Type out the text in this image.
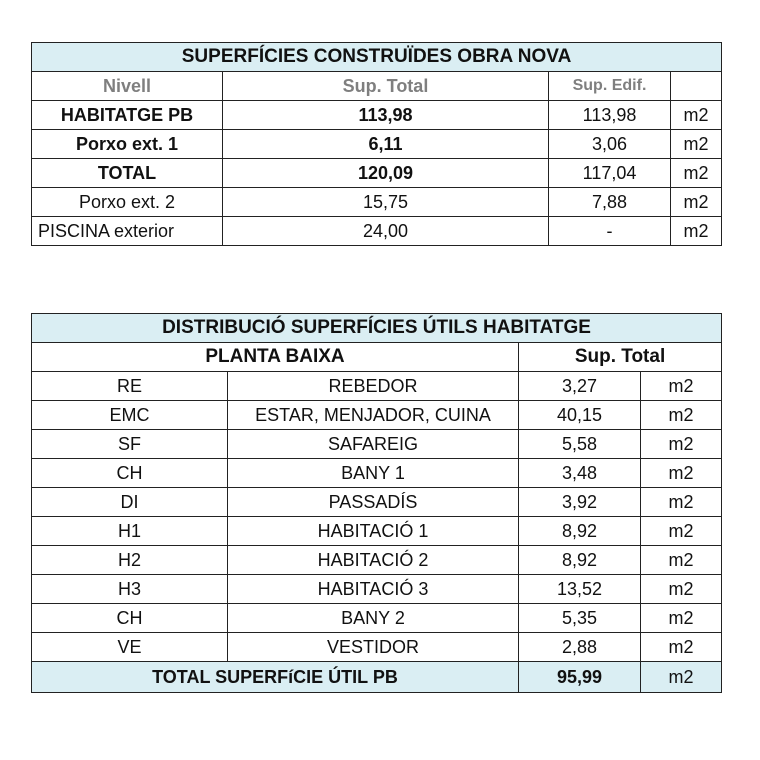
SUPERFÍCIES CONSTRUÏDES OBRA NOVA			
Nivell	Sup. Total	Sup. Edif.	
HABITATGE PB	113,98	113,98	m2
Porxo ext. 1	6,11	3,06	m2
TOTAL	120,09	117,04	m2
Porxo ext. 2	15,75	7,88	m2
PISCINA exterior	24,00	-	m2
DISTRIBUCIÓ SUPERFÍCIES ÚTILS HABITATGE			
PLANTA BAIXA		Sup. Total	
RE	REBEDOR	3,27	m2
EMC	ESTAR, MENJADOR, CUINA	40,15	m2
SF	SAFAREIG	5,58	m2
CH	BANY 1	3,48	m2
DI	PASSADÍS	3,92	m2
H1	HABITACIÓ 1	8,92	m2
H2	HABITACIÓ 2	8,92	m2
H3	HABITACIÓ 3	13,52	m2
CH	BANY 2	5,35	m2
VE	VESTIDOR	2,88	m2
TOTAL SUPERFíCIE ÚTIL PB		95,99	m2
